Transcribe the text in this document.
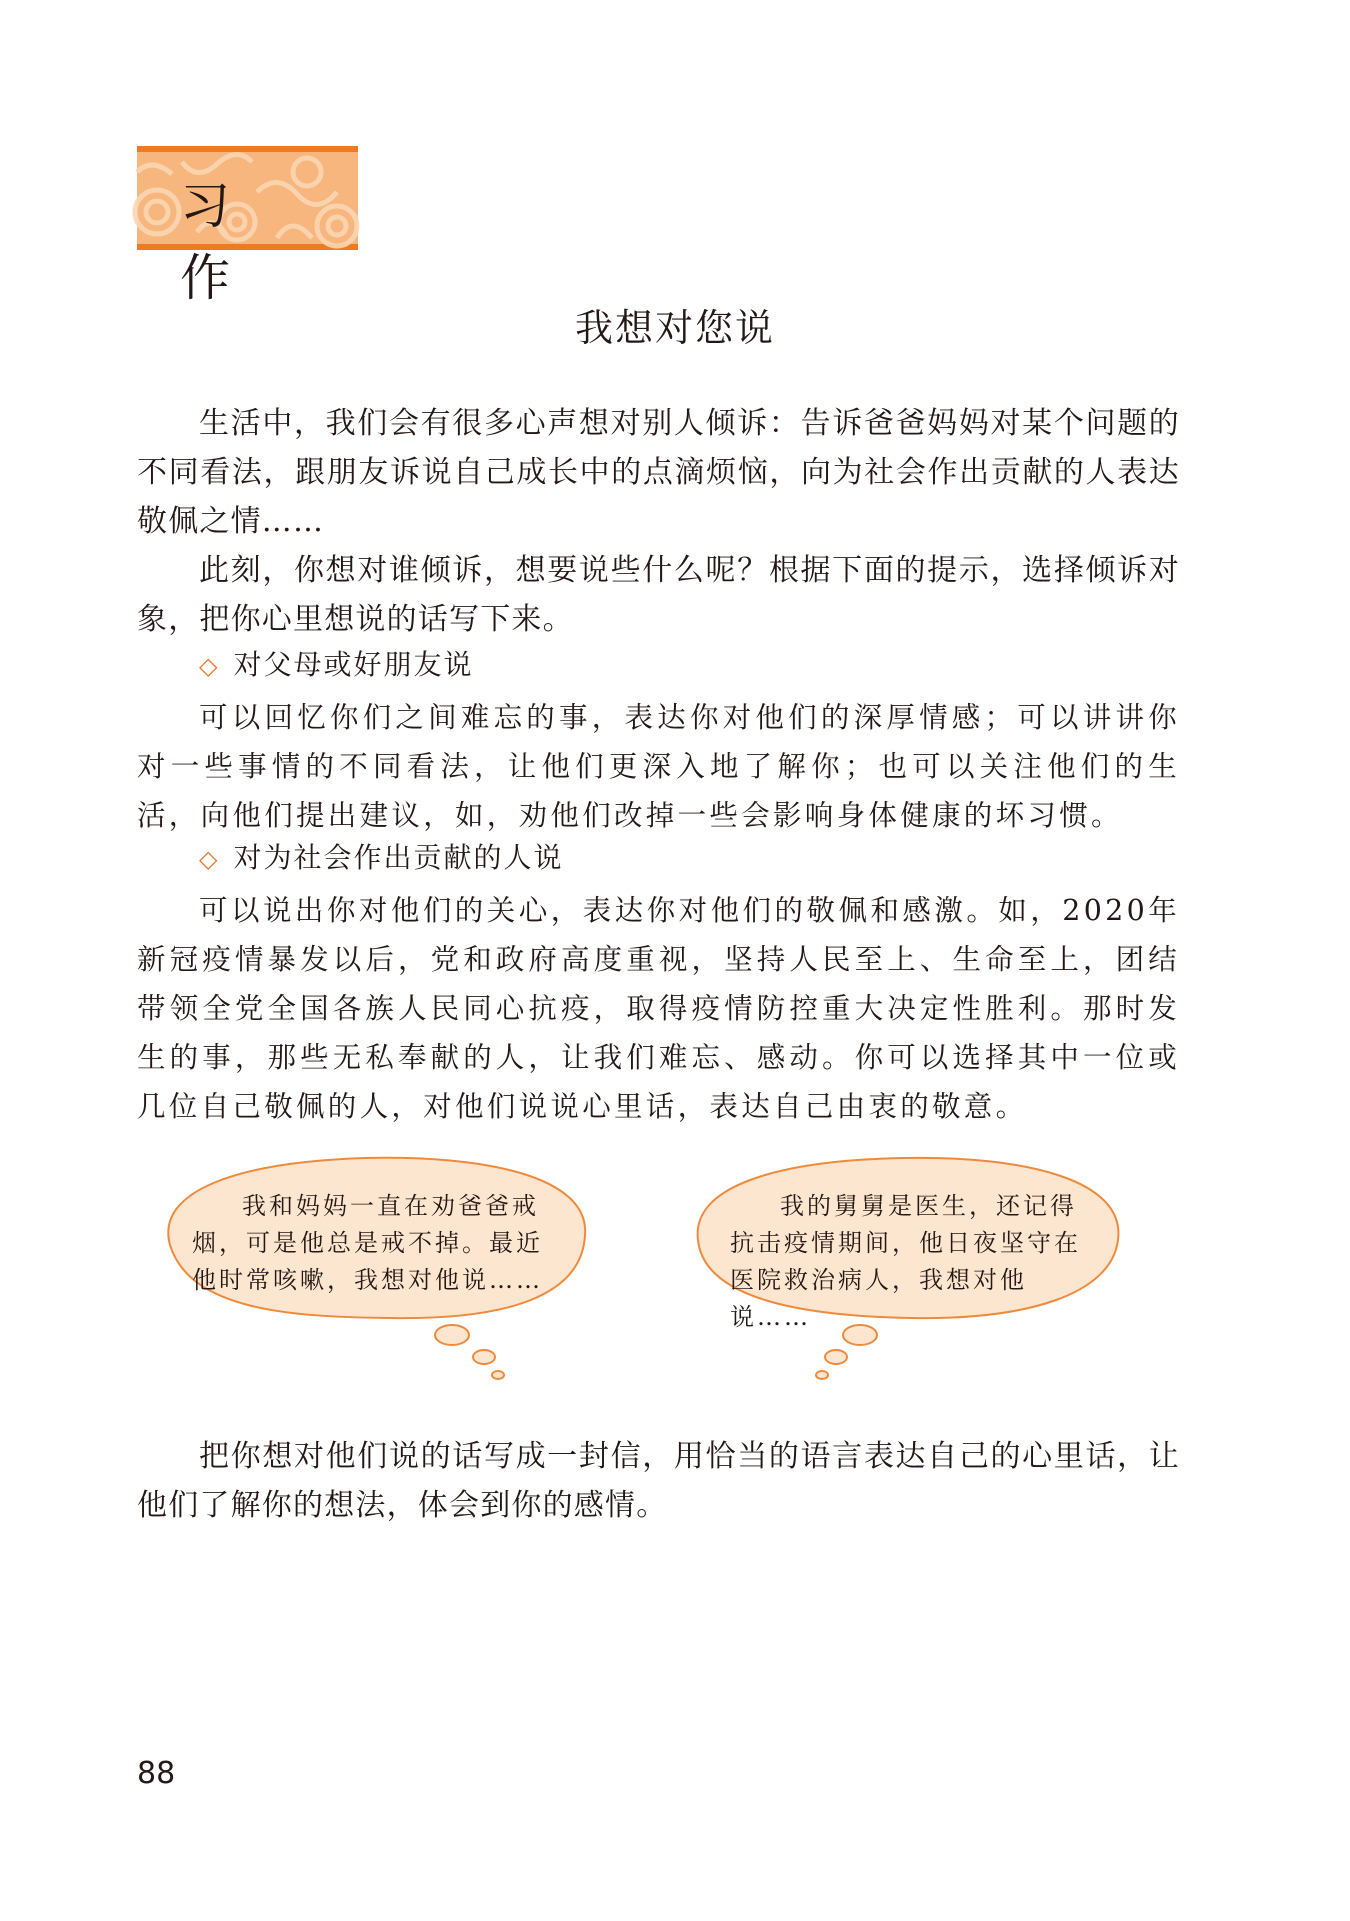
习作
我想对您说

生活中，我们会有很多心声想对别人倾诉：告诉爸爸妈妈对某个问题的不同看法，跟朋友诉说自己成长中的点滴烦恼，向为社会作出贡献的人表达敬佩之情……

此刻，你想对谁倾诉，想要说些什么呢？根据下面的提示，选择倾诉对象，把你心里想说的话写下来。

◇ 对父母或好朋友说

可以回忆你们之间难忘的事，表达你对他们的深厚情感；可以讲讲你对一些事情的不同看法，让他们更深入地了解你；也可以关注他们的生活，向他们提出建议，如，劝他们改掉一些会影响身体健康的坏习惯。

◇ 对为社会作出贡献的人说

可以说出你对他们的关心，表达你对他们的敬佩和感激。如，2020年新冠疫情暴发以后，党和政府高度重视，坚持人民至上、生命至上，团结带领全党全国各族人民同心抗疫，取得疫情防控重大决定性胜利。那时发生的事，那些无私奉献的人，让我们难忘、感动。你可以选择其中一位或几位自己敬佩的人，对他们说说心里话，表达自己由衷的敬意。

我和妈妈一直在劝爸爸戒烟，可是他总是戒不掉。最近他时常咳嗽，我想对他说……

我的舅舅是医生，还记得抗击疫情期间，他日夜坚守在医院救治病人，我想对他说……

把你想对他们说的话写成一封信，用恰当的语言表达自己的心里话，让他们了解你的想法，体会到你的感情。

88
